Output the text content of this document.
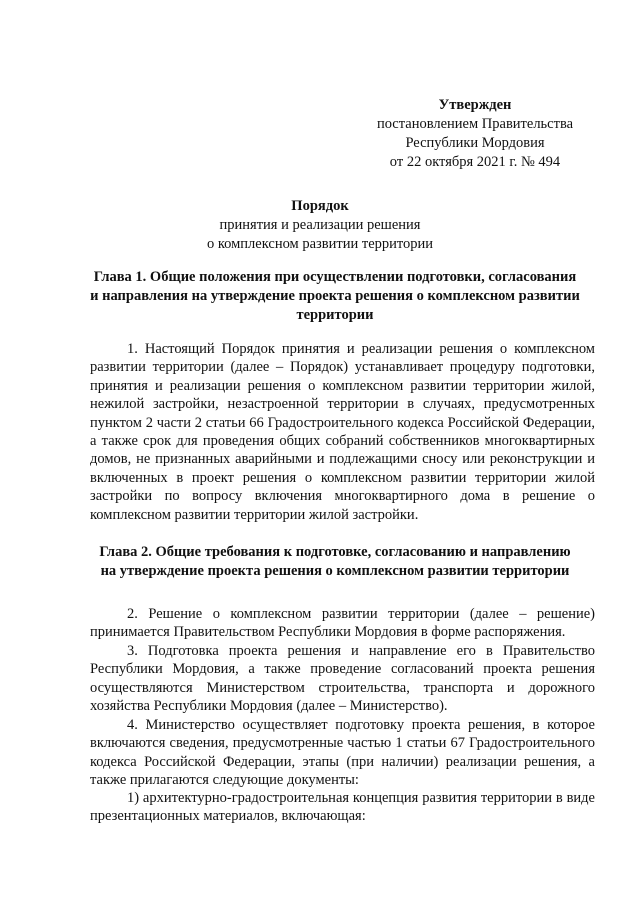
Утвержден
постановлением Правительства
Республики Мордовия
от 22 октября 2021 г. № 494
Порядок
принятия и реализации решения
о комплексном развитии территории
Глава 1. Общие положения при осуществлении подготовки, согласования и направления на утверждение проекта решения о комплексном развитии территории
1. Настоящий Порядок принятия и реализации решения о комплексном развитии территории (далее – Порядок) устанавливает процедуру подготовки, принятия и реализации решения о комплексном развитии территории жилой, нежилой застройки, незастроенной территории в случаях, предусмотренных пунктом 2 части 2 статьи 66 Градостроительного кодекса Российской Федерации, а также срок для проведения общих собраний собственников многоквартирных домов, не признанных аварийными и подлежащими сносу или реконструкции и включенных в проект решения о комплексном развитии территории жилой застройки по вопросу включения многоквартирного дома в решение о комплексном развитии территории жилой застройки.
Глава 2. Общие требования к подготовке, согласованию и направлению на утверждение проекта решения о комплексном развитии территории
2. Решение о комплексном развитии территории (далее – решение) принимается Правительством Республики Мордовия в форме распоряжения.
3. Подготовка проекта решения и направление его в Правительство Республики Мордовия, а также проведение согласований проекта решения осуществляются Министерством строительства, транспорта и дорожного хозяйства Республики Мордовия (далее – Министерство).
4. Министерство осуществляет подготовку проекта решения, в которое включаются сведения, предусмотренные частью 1 статьи 67 Градостроительного кодекса Российской Федерации, этапы (при наличии) реализации решения, а также прилагаются следующие документы:
1) архитектурно-градостроительная концепция развития территории в виде презентационных материалов, включающая:
